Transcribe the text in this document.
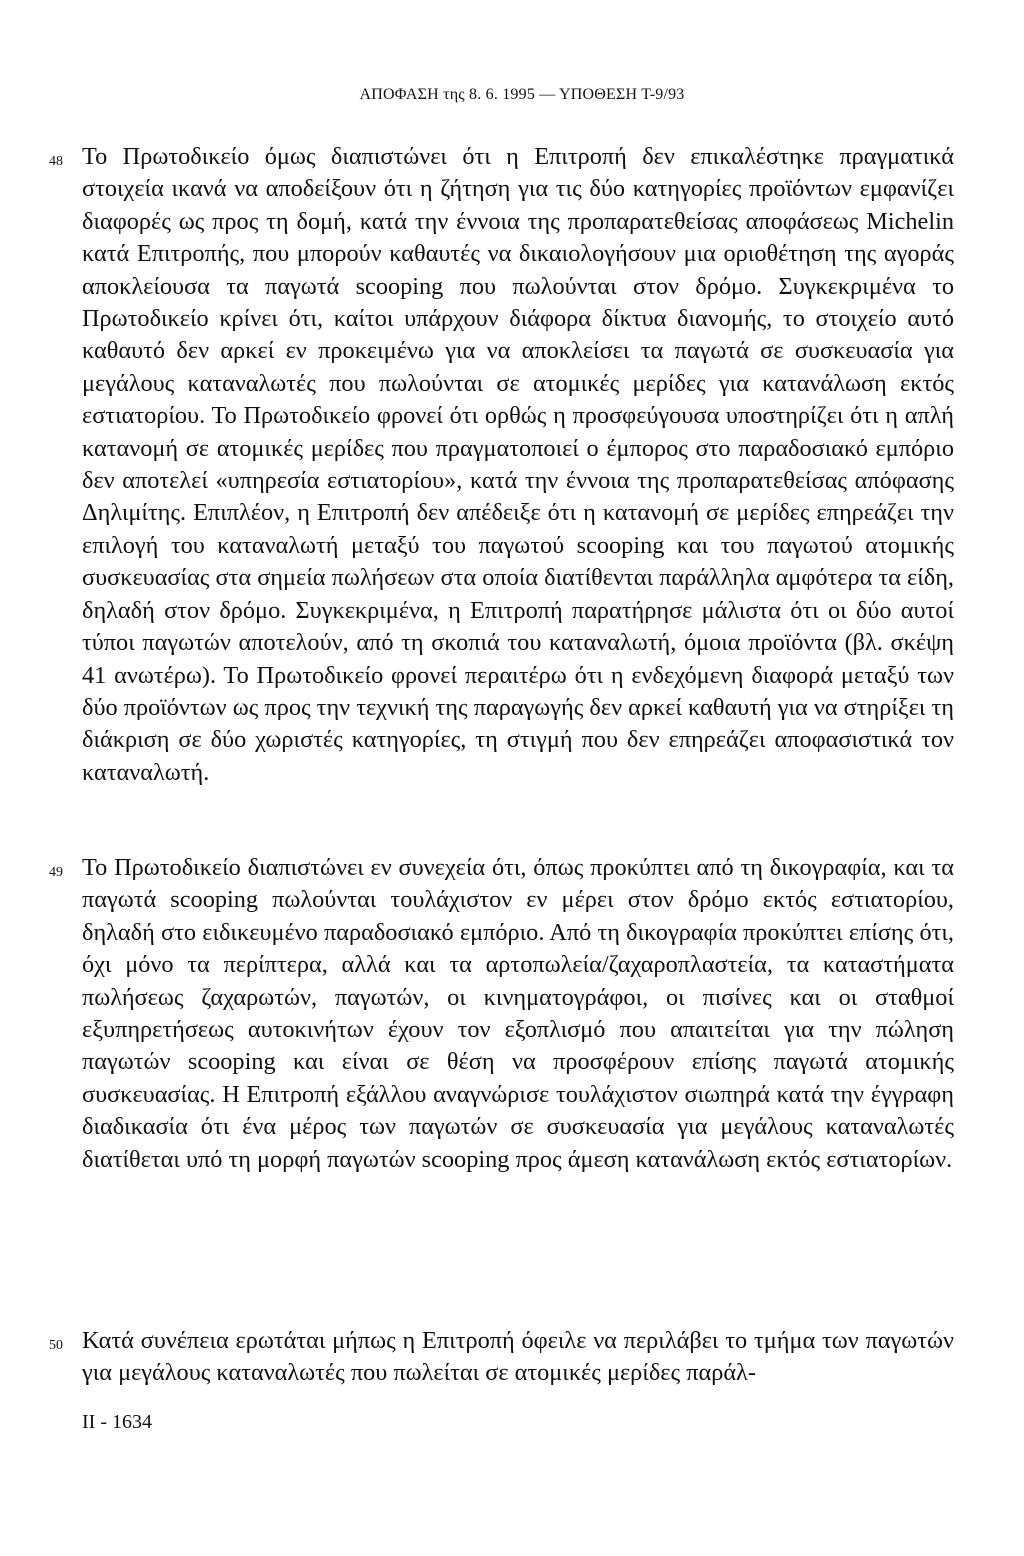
ΑΠΟΦΑΣΗ της 8. 6. 1995 — ΥΠΟΘΕΣΗ Τ-9/93
48 Το Πρωτοδικείο όμως διαπιστώνει ότι η Επιτροπή δεν επικαλέστηκε πραγματικά στοιχεία ικανά να αποδείξουν ότι η ζήτηση για τις δύο κατηγορίες προϊόντων εμφανίζει διαφορές ως προς τη δομή, κατά την έννοια της προπαρατεθείσας αποφάσεως Michelin κατά Επιτροπής, που μπορούν καθαυτές να δικαιολογήσουν μια οριοθέτηση της αγοράς αποκλείουσα τα παγωτά scooping που πωλούνται στον δρόμο. Συγκεκριμένα το Πρωτοδικείο κρίνει ότι, καίτοι υπάρχουν διάφορα δίκτυα διανομής, το στοιχείο αυτό καθαυτό δεν αρκεί εν προκειμένω για να αποκλείσει τα παγωτά σε συσκευασία για μεγάλους καταναλωτές που πωλούνται σε ατομικές μερίδες για κατανάλωση εκτός εστιατορίου. Το Πρωτοδικείο φρονεί ότι ορθώς η προσφεύγουσα υποστηρίζει ότι η απλή κατανομή σε ατομικές μερίδες που πραγματοποιεί ο έμπορος στο παραδοσιακό εμπόριο δεν αποτελεί «υπηρεσία εστιατορίου», κατά την έννοια της προπαρατεθείσας απόφασης Δηλιμίτης. Επιπλέον, η Επιτροπή δεν απέδειξε ότι η κατανομή σε μερίδες επηρεάζει την επιλογή του καταναλωτή μεταξύ του παγωτού scooping και του παγωτού ατομικής συσκευασίας στα σημεία πωλήσεων στα οποία διατίθενται παράλληλα αμφότερα τα είδη, δηλαδή στον δρόμο. Συγκεκριμένα, η Επιτροπή παρατήρησε μάλιστα ότι οι δύο αυτοί τύποι παγωτών αποτελούν, από τη σκοπιά του καταναλωτή, όμοια προϊόντα (βλ. σκέψη 41 ανωτέρω). Το Πρωτοδικείο φρονεί περαιτέρω ότι η ενδεχόμενη διαφορά μεταξύ των δύο προϊόντων ως προς την τεχνική της παραγωγής δεν αρκεί καθαυτή για να στηρίξει τη διάκριση σε δύο χωριστές κατηγορίες, τη στιγμή που δεν επηρεάζει αποφασιστικά τον καταναλωτή.
49 Το Πρωτοδικείο διαπιστώνει εν συνεχεία ότι, όπως προκύπτει από τη δικογραφία, και τα παγωτά scooping πωλούνται τουλάχιστον εν μέρει στον δρόμο εκτός εστιατορίου, δηλαδή στο ειδικευμένο παραδοσιακό εμπόριο. Από τη δικογραφία προκύπτει επίσης ότι, όχι μόνο τα περίπτερα, αλλά και τα αρτοπωλεία/ζαχαροπλαστεία, τα καταστήματα πωλήσεως ζαχαρωτών, παγωτών, οι κινηματογράφοι, οι πισίνες και οι σταθμοί εξυπηρετήσεως αυτοκινήτων έχουν τον εξοπλισμό που απαιτείται για την πώληση παγωτών scooping και είναι σε θέση να προσφέρουν επίσης παγωτά ατομικής συσκευασίας. Η Επιτροπή εξάλλου αναγνώρισε τουλάχιστον σιωπηρά κατά την έγγραφη διαδικασία ότι ένα μέρος των παγωτών σε συσκευασία για μεγάλους καταναλωτές διατίθεται υπό τη μορφή παγωτών scooping προς άμεση κατανάλωση εκτός εστιατορίων.
50 Κατά συνέπεια ερωτάται μήπως η Επιτροπή όφειλε να περιλάβει το τμήμα των παγωτών για μεγάλους καταναλωτές που πωλείται σε ατομικές μερίδες παράλ-
II - 1634
